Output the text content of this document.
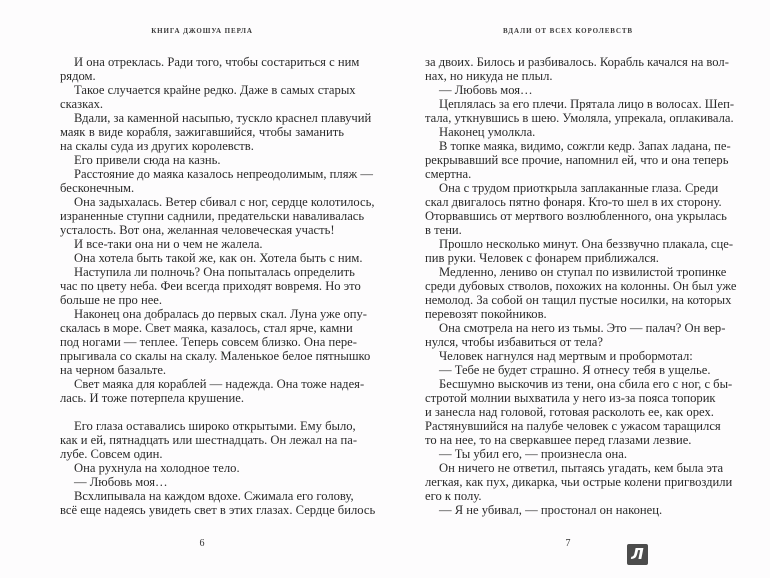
КНИГА ДЖОШУА ПЕРЛА
И она отреклась. Ради того, чтобы состариться с ним
рядом.
Такое случается крайне редко. Даже в самых старых
сказках.
Вдали, за каменной насыпью, тускло краснел плавучий
маяк в виде корабля, зажигавшийся, чтобы заманить
на скалы суда из других королевств.
Его привели сюда на казнь.
Расстояние до маяка казалось непреодолимым, пляж —
бесконечным.
Она задыхалась. Ветер сбивал с ног, сердце колотилось,
израненные ступни саднили, предательски наваливалась
усталость. Вот она, желанная человеческая участь!
И все-таки она ни о чем не жалела.
Она хотела быть такой же, как он. Хотела быть с ним.
Наступила ли полночь? Она попыталась определить
час по цвету неба. Феи всегда приходят вовремя. Но это
больше не про нее.
Наконец она добралась до первых скал. Луна уже опу-
скалась в море. Свет маяка, казалось, стал ярче, камни
под ногами — теплее. Теперь совсем близко. Она пере-
прыгивала со скалы на скалу. Маленькое белое пятнышко
на черном базальте.
Свет маяка для кораблей — надежда. Она тоже надея-
лась. И тоже потерпела крушение.
Его глаза оставались широко открытыми. Ему было,
как и ей, пятнадцать или шестнадцать. Он лежал на па-
лубе. Совсем один.
Она рухнула на холодное тело.
— Любовь моя…
Всхлипывала на каждом вдохе. Сжимала его голову,
всё еще надеясь увидеть свет в этих глазах. Сердце билось
6
ВДАЛИ ОТ ВСЕХ КОРОЛЕВСТВ
за двоих. Билось и разбивалось. Корабль качался на вол-
нах, но никуда не плыл.
— Любовь моя…
Цеплялась за его плечи. Прятала лицо в волосах. Шеп-
тала, уткнувшись в шею. Умоляла, упрекала, оплакивала.
Наконец умолкла.
В топке маяка, видимо, сожгли кедр. Запах ладана, пе-
рекрывавший все прочие, напомнил ей, что и она теперь
смертна.
Она с трудом приоткрыла заплаканные глаза. Среди
скал двигалось пятно фонаря. Кто-то шел в их сторону.
Оторвавшись от мертвого возлюбленного, она укрылась
в тени.
Прошло несколько минут. Она беззвучно плакала, сце-
пив руки. Человек с фонарем приближался.
Медленно, лениво он ступал по извилистой тропинке
среди дубовых стволов, похожих на колонны. Он был уже
немолод. За собой он тащил пустые носилки, на которых
перевозят покойников.
Она смотрела на него из тьмы. Это — палач? Он вер-
нулся, чтобы избавиться от тела?
Человек нагнулся над мертвым и пробормотал:
— Тебе не будет страшно. Я отнесу тебя в ущелье.
Бесшумно выскочив из тени, она сбила его с ног, с бы-
стротой молнии выхватила у него из-за пояса топорик
и занесла над головой, готовая расколоть ее, как орех.
Растянувшийся на палубе человек с ужасом таращился
то на нее, то на сверкавшее перед глазами лезвие.
— Ты убил его, — произнесла она.
Он ничего не ответил, пытаясь угадать, кем была эта
легкая, как пух, дикарка, чьи острые колени пригвоздили
его к полу.
— Я не убивал, — простонал он наконец.
7
Л
